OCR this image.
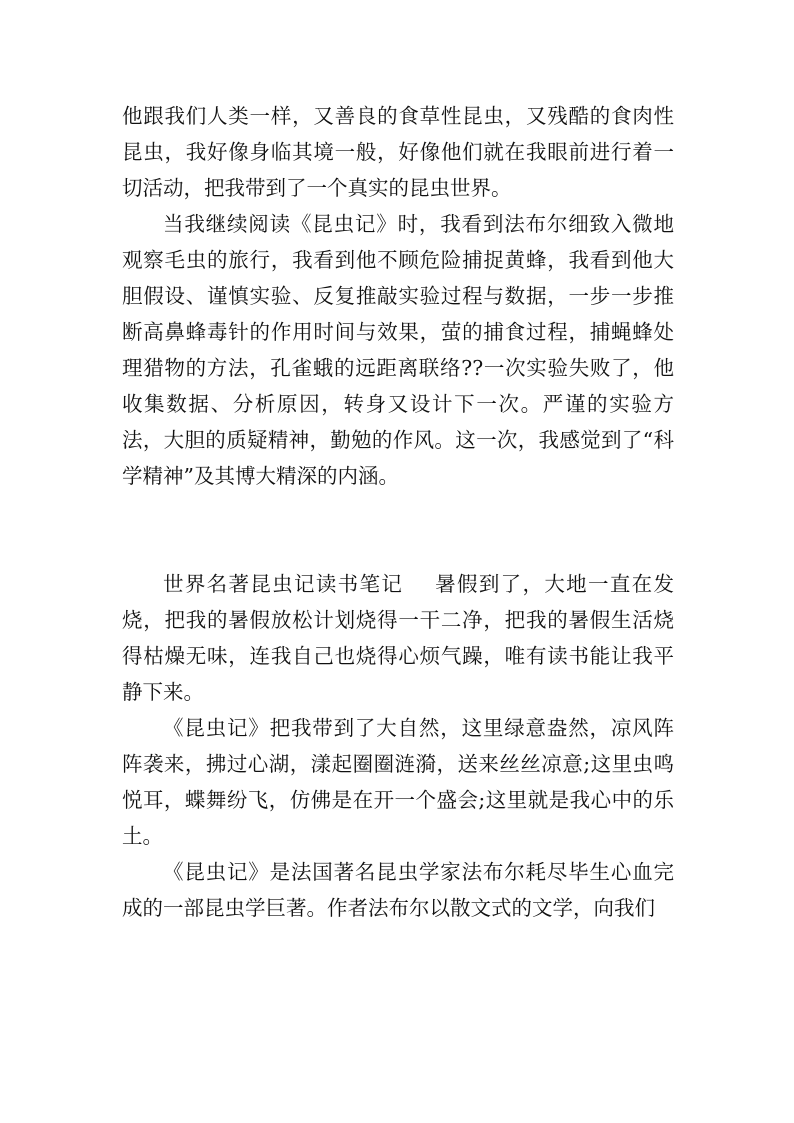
他跟我们人类一样，又善良的食草性昆虫，又残酷的食肉性昆虫，我好像身临其境一般，好像他们就在我眼前进行着一切活动，把我带到了一个真实的昆虫世界。

当我继续阅读《昆虫记》时，我看到法布尔细致入微地观察毛虫的旅行，我看到他不顾危险捕捉黄蜂，我看到他大胆假设、谨慎实验、反复推敲实验过程与数据，一步一步推断高鼻蜂毒针的作用时间与效果，萤的捕食过程，捕蝇蜂处理猎物的方法，孔雀蛾的远距离联络??一次实验失败了，他收集数据、分析原因，转身又设计下一次。严谨的实验方法，大胆的质疑精神，勤勉的作风。这一次，我感觉到了“科学精神”及其博大精深的内涵。

世界名著昆虫记读书笔记 暑假到了，大地一直在发烧，把我的暑假放松计划烧得一干二净，把我的暑假生活烧得枯燥无味，连我自己也烧得心烦气躁，唯有读书能让我平静下来。

《昆虫记》把我带到了大自然，这里绿意盎然，凉风阵阵袭来，拂过心湖，漾起圈圈涟漪，送来丝丝凉意;这里虫鸣悦耳，蝶舞纷飞，仿佛是在开一个盛会;这里就是我心中的乐土。

《昆虫记》是法国著名昆虫学家法布尔耗尽毕生心血完成的一部昆虫学巨著。作者法布尔以散文式的文学，向我们
